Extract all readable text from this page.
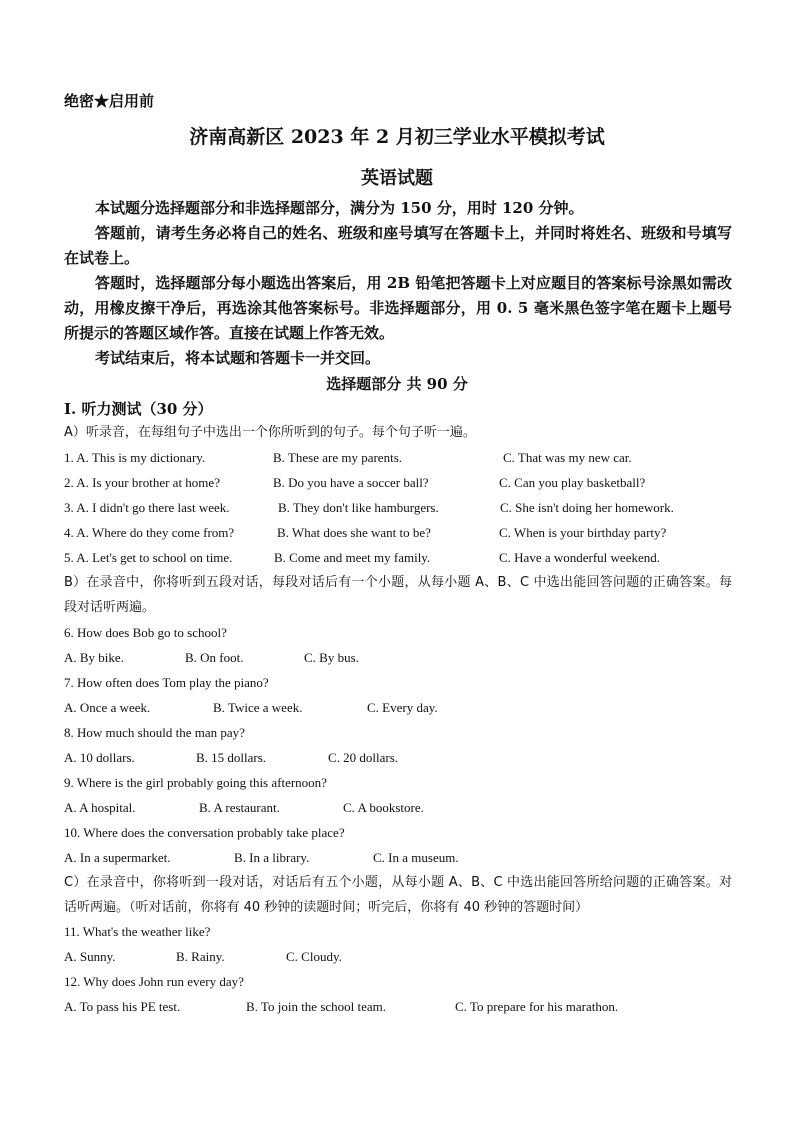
绝密★启用前
济南高新区 2023 年 2 月初三学业水平模拟考试
英语试题
本试题分选择题部分和非选择题部分，满分为 150 分，用时 120 分钟。
答题前，请考生务必将自己的姓名、班级和座号填写在答题卡上，并同时将姓名、班级和号填写在试卷上。
答题时，选择题部分每小题选出答案后，用 2B 铅笔把答题卡上对应题目的答案标号涂黑如需改动，用橡皮擦干净后，再选涂其他答案标号。非选择题部分，用 0. 5 毫米黑色签字笔在题卡上题号所提示的答题区域作答。直接在试题上作答无效。
考试结束后，将本试题和答题卡一并交回。
选择题部分 共 90 分
Ⅰ. 听力测试（30 分）
A）听录音，在每组句子中选出一个你所听到的句子。每个句子听一遍。
1. A. This is my dictionary.	B. These are my parents.	C. That was my new car.
2. A. Is your brother at home?	B. Do you have a soccer ball?	C. Can you play basketball?
3. A. I didn't go there last week.	B. They don't like hamburgers.	C. She isn't doing her homework.
4. A. Where do they come from?	B. What does she want to be?	C. When is your birthday party?
5. A. Let's get to school on time.	B. Come and meet my family.	C. Have a wonderful weekend.
B）在录音中，你将听到五段对话，每段对话后有一个小题，从每小题 A、B、C 中选出能回答问题的正确答案。每段对话听两遍。
6. How does Bob go to school?
A. By bike.	B. On foot.	C. By bus.
7. How often does Tom play the piano?
A. Once a week.	B. Twice a week.	C. Every day.
8. How much should the man pay?
A. 10 dollars.	B. 15 dollars.	C. 20 dollars.
9. Where is the girl probably going this afternoon?
A. A hospital.	B. A restaurant.	C. A bookstore.
10. Where does the conversation probably take place?
A. In a supermarket.	B. In a library.	C. In a museum.
C）在录音中，你将听到一段对话，对话后有五个小题，从每小题 A、B、C 中选出能回答所给问题的正确答案。对话听两遍。（听对话前，你将有 40 秒钟的读题时间；听完后，你将有 40 秒钟的答题时间）
11. What's the weather like?
A. Sunny.	B. Rainy.	C. Cloudy.
12. Why does John run every day?
A. To pass his PE test.	B. To join the school team.	C. To prepare for his marathon.
